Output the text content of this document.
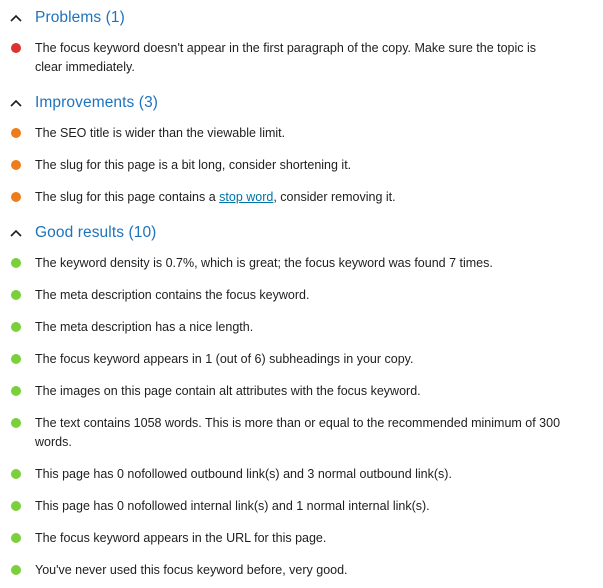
Problems (1)
The focus keyword doesn't appear in the first paragraph of the copy. Make sure the topic is clear immediately.
Improvements (3)
The SEO title is wider than the viewable limit.
The slug for this page is a bit long, consider shortening it.
The slug for this page contains a stop word, consider removing it.
Good results (10)
The keyword density is 0.7%, which is great; the focus keyword was found 7 times.
The meta description contains the focus keyword.
The meta description has a nice length.
The focus keyword appears in 1 (out of 6) subheadings in your copy.
The images on this page contain alt attributes with the focus keyword.
The text contains 1058 words. This is more than or equal to the recommended minimum of 300 words.
This page has 0 nofollowed outbound link(s) and 3 normal outbound link(s).
This page has 0 nofollowed internal link(s) and 1 normal internal link(s).
The focus keyword appears in the URL for this page.
You've never used this focus keyword before, very good.
